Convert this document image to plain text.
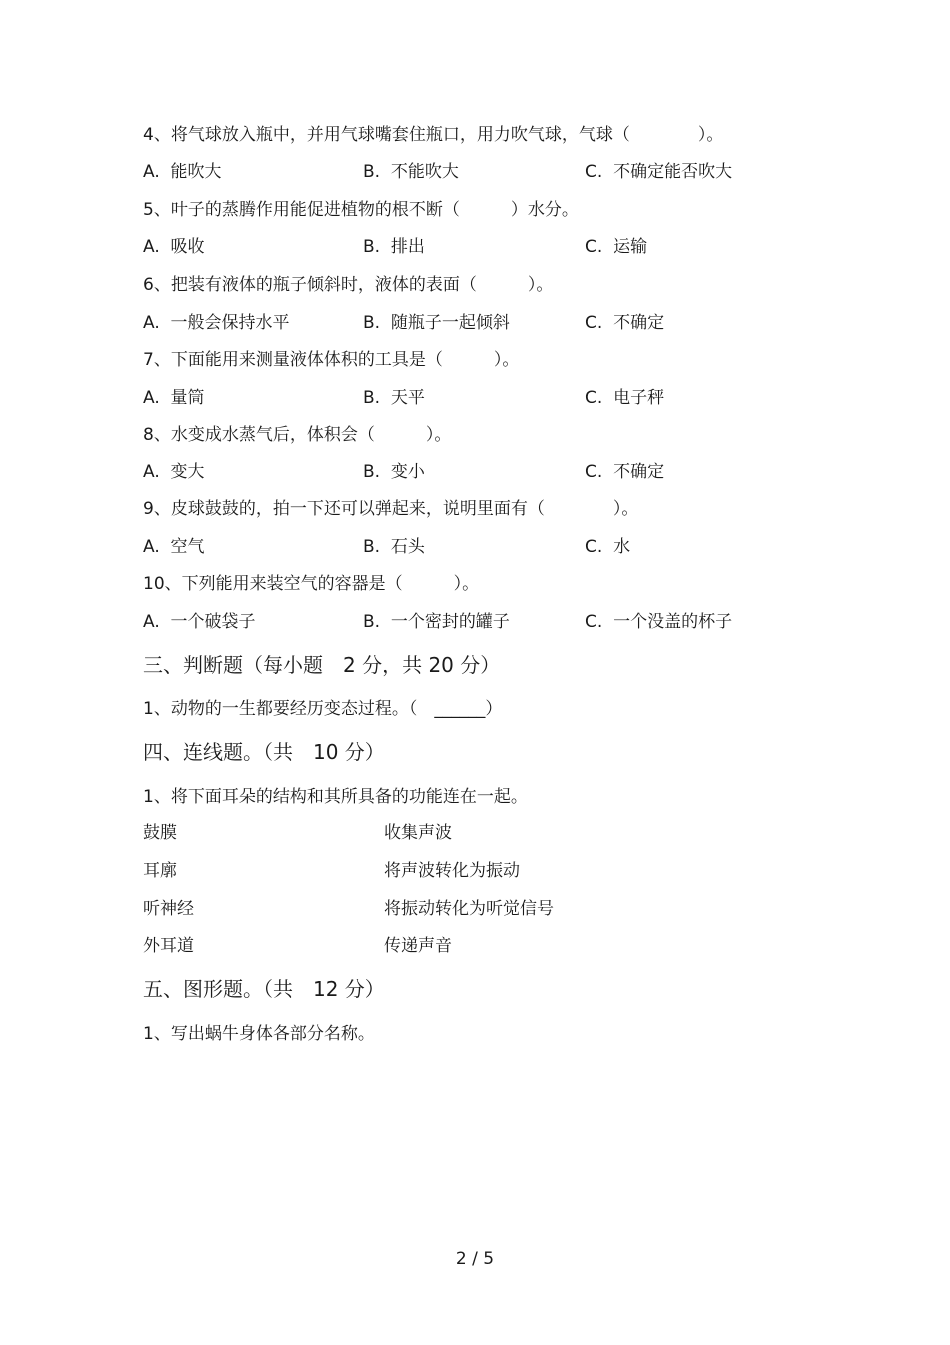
4、将气球放入瓶中，并用气球嘴套住瓶口，用力吹气球，气球（　　　　）。
A.  能吹大	B.  不能吹大	C.  不确定能否吹大
5、叶子的蒸腾作用能促进植物的根不断（　　　）水分。
A.  吸收	B.  排出	C.  运输
6、把装有液体的瓶子倾斜时，液体的表面（　　　）。
A.  一般会保持水平	B.  随瓶子一起倾斜	C.  不确定
7、下面能用来测量液体体积的工具是（　　　）。
A.  量筒	B.  天平	C.  电子秤
8、水变成水蒸气后，体积会（　　　）。
A.  变大	B.  变小	C.  不确定
9、皮球鼓鼓的，拍一下还可以弹起来，说明里面有（　　　　）。
A.  空气	B.  石头	C.  水
10、下列能用来装空气的容器是（　　　）。
A.  一个破袋子	B.  一个密封的罐子	C.  一个没盖的杯子
三、判断题（每小题　2 分，共 20 分）
1、动物的一生都要经历变态过程。（　______）
四、连线题。（共　10 分）
1、将下面耳朵的结构和其所具备的功能连在一起。
鼓膜	收集声波
耳廓	将声波转化为振动
听神经	将振动转化为听觉信号
外耳道	传递声音
五、图形题。（共　12 分）
1、写出蜗牛身体各部分名称。
2 / 5
